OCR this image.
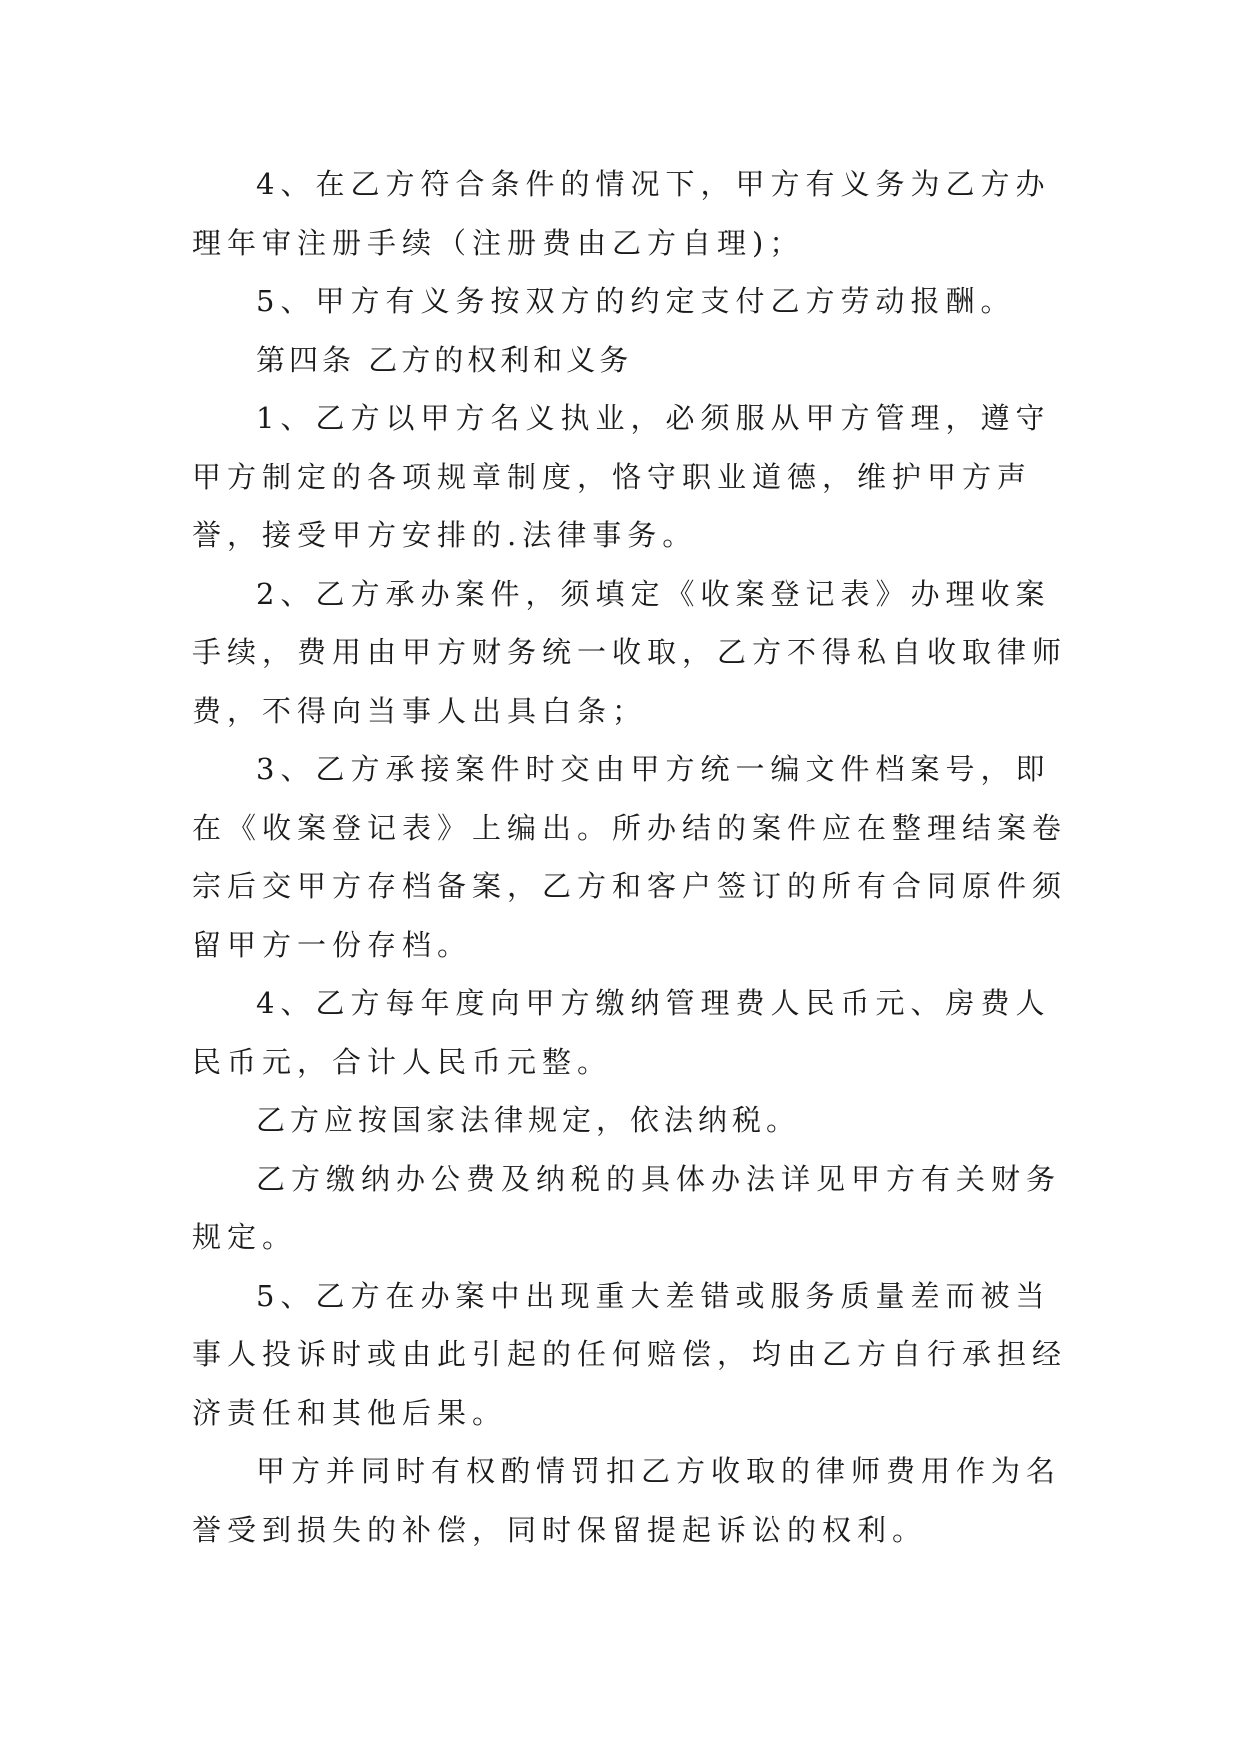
4、在乙方符合条件的情况下，甲方有义务为乙方办理年审注册手续（注册费由乙方自理)；

5、甲方有义务按双方的约定支付乙方劳动报酬。

第四条 乙方的权利和义务

1、乙方以甲方名义执业，必须服从甲方管理，遵守甲方制定的各项规章制度，恪守职业道德，维护甲方声誉，接受甲方安排的.法律事务。

2、乙方承办案件，须填定《收案登记表》办理收案手续，费用由甲方财务统一收取，乙方不得私自收取律师费，不得向当事人出具白条；

3、乙方承接案件时交由甲方统一编文件档案号，即在《收案登记表》上编出。所办结的案件应在整理结案卷宗后交甲方存档备案，乙方和客户签订的所有合同原件须留甲方一份存档。

4、乙方每年度向甲方缴纳管理费人民币元、房费人民币元，合计人民币元整。

乙方应按国家法律规定，依法纳税。

乙方缴纳办公费及纳税的具体办法详见甲方有关财务规定。

5、乙方在办案中出现重大差错或服务质量差而被当事人投诉时或由此引起的任何赔偿，均由乙方自行承担经济责任和其他后果。

甲方并同时有权酌情罚扣乙方收取的律师费用作为名誉受到损失的补偿，同时保留提起诉讼的权利。
